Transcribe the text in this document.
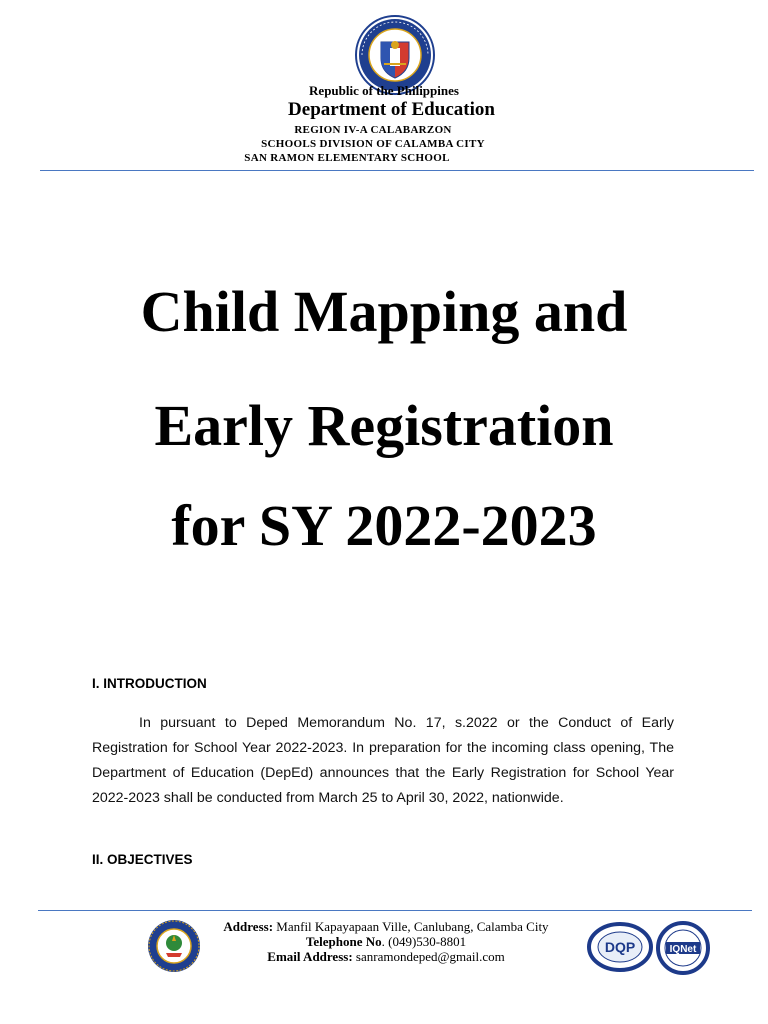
Republic of the Philippines
Department of Education
REGION IV-A CALABARZON
SCHOOLS DIVISION OF CALAMBA CITY
SAN RAMON ELEMENTARY SCHOOL
Child Mapping and
Early Registration
for SY 2022-2023
I. INTRODUCTION
In pursuant to Deped Memorandum No. 17, s.2022 or the Conduct of Early Registration for School Year 2022-2023. In preparation for the incoming class opening, The Department of Education (DepEd) announces that the Early Registration for School Year 2022-2023 shall be conducted from March 25 to April 30, 2022, nationwide.
II. OBJECTIVES
Address: Manfil Kapayapaan Ville, Canlubang, Calamba City
Telephone No. (049)530-8801
Email Address: sanramondeped@gmail.com
DQP	IQNet
